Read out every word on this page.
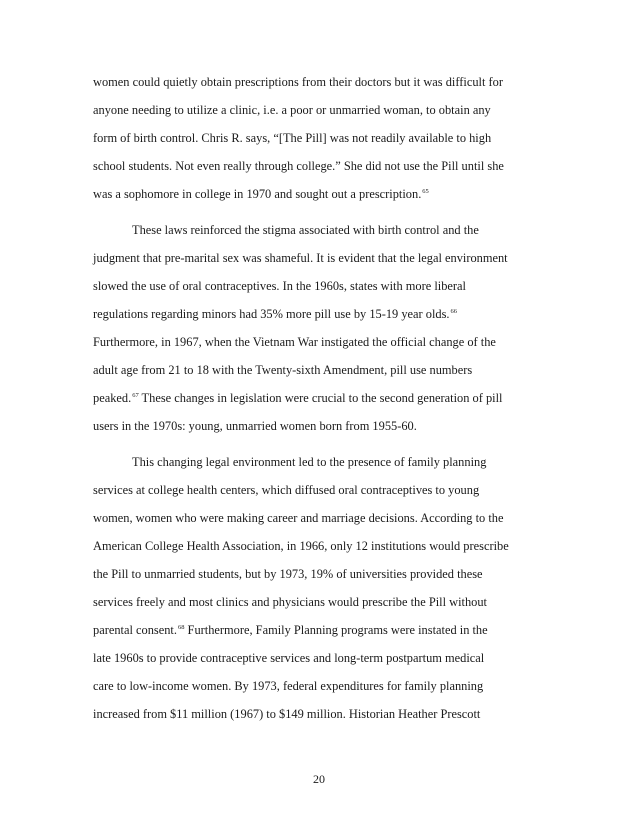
women could quietly obtain prescriptions from their doctors but it was difficult for
anyone needing to utilize a clinic, i.e. a poor or unmarried woman, to obtain any
form of birth control. Chris R. says, “[The Pill] was not readily available to high
school students. Not even really through college.” She did not use the Pill until she
was a sophomore in college in 1970 and sought out a prescription.$^{65}$
These laws reinforced the stigma associated with birth control and the
judgment that pre-marital sex was shameful. It is evident that the legal environment
slowed the use of oral contraceptives. In the 1960s, states with more liberal
regulations regarding minors had 35% more pill use by 15-19 year olds.$^{66}$
Furthermore, in 1967, when the Vietnam War instigated the official change of the
adult age from 21 to 18 with the Twenty-sixth Amendment, pill use numbers
peaked.$^{67}$ These changes in legislation were crucial to the second generation of pill
users in the 1970s: young, unmarried women born from 1955-60.
This changing legal environment led to the presence of family planning
services at college health centers, which diffused oral contraceptives to young
women, women who were making career and marriage decisions. According to the
American College Health Association, in 1966, only 12 institutions would prescribe
the Pill to unmarried students, but by 1973, 19% of universities provided these
services freely and most clinics and physicians would prescribe the Pill without
parental consent.$^{68}$ Furthermore, Family Planning programs were instated in the
late 1960s to provide contraceptive services and long-term postpartum medical
care to low-income women. By 1973, federal expenditures for family planning
increased from $11 million (1967) to $149 million. Historian Heather Prescott
20
